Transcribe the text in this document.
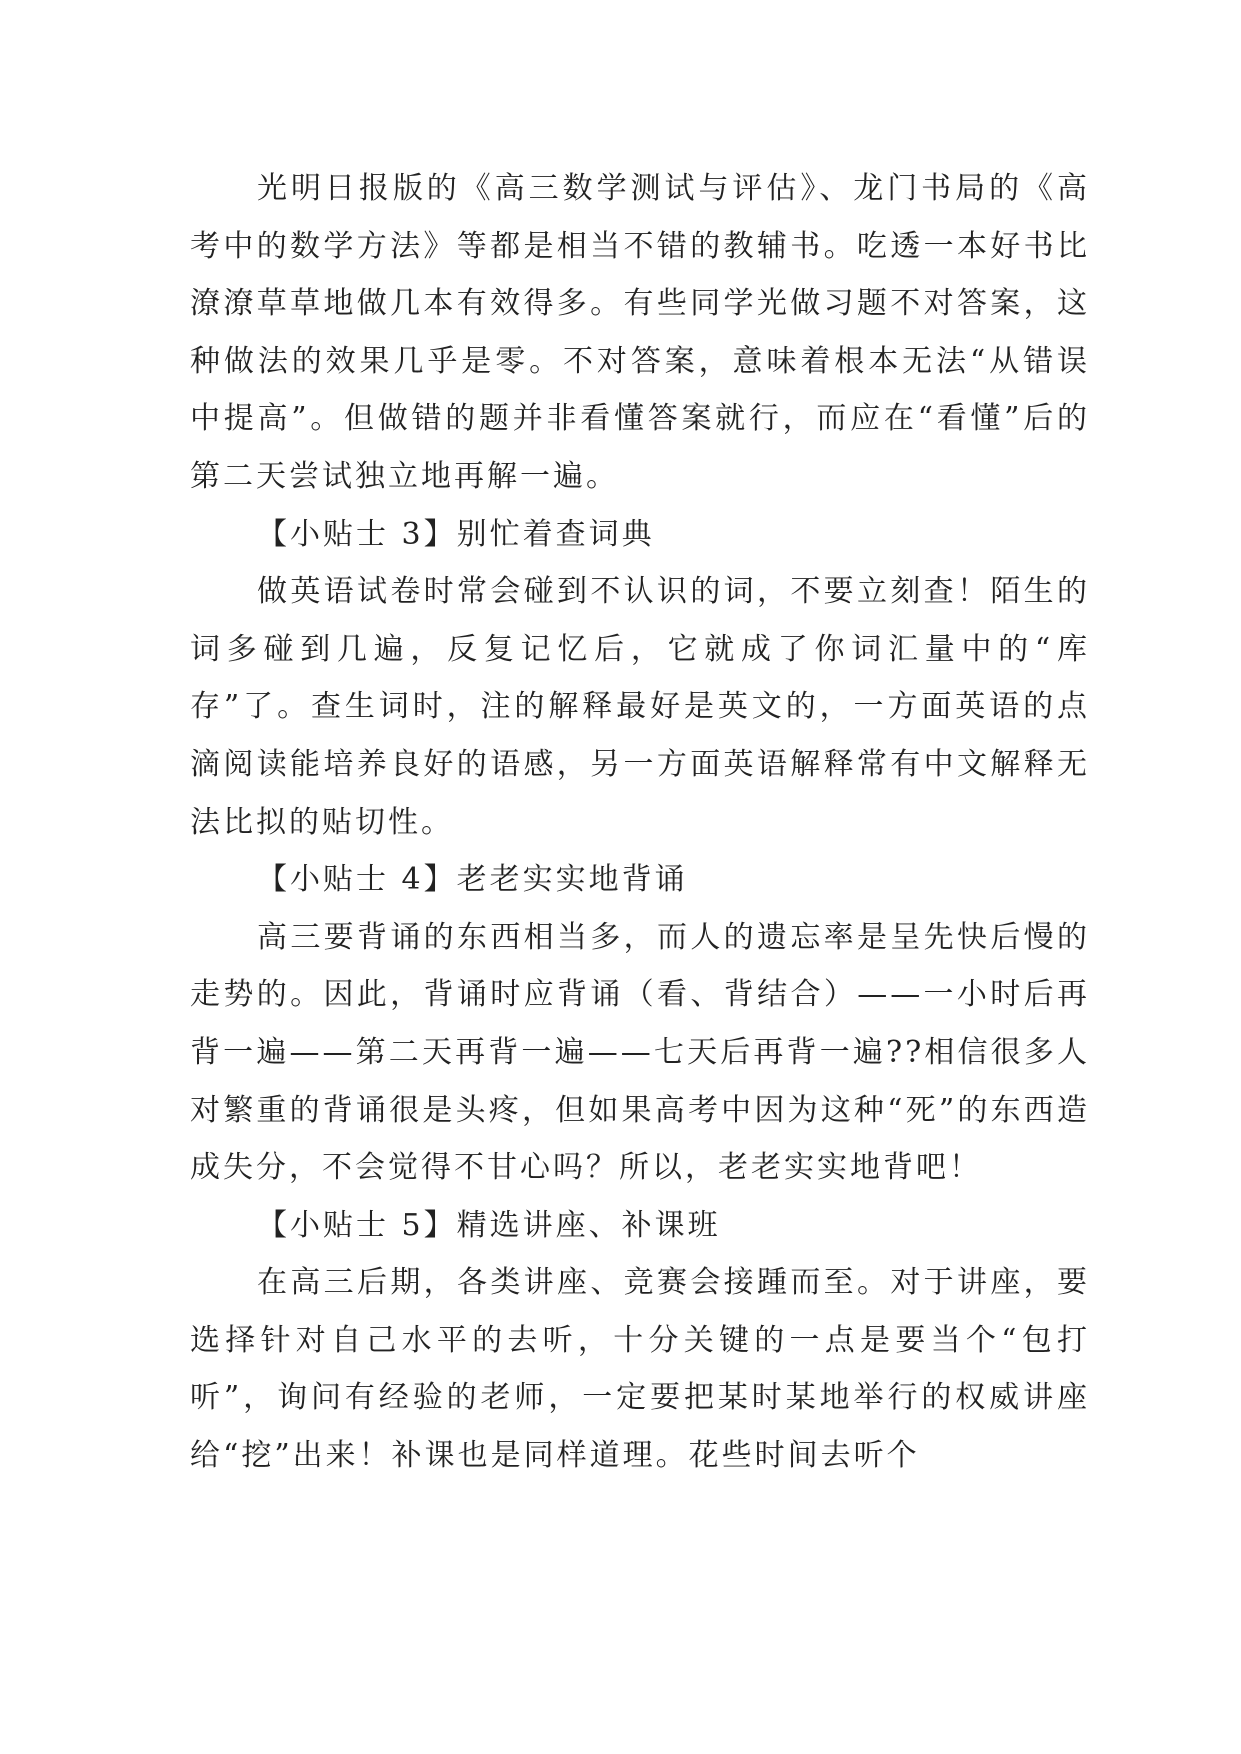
光明日报版的《高三数学测试与评估》、龙门书局的《高考中的数学方法》等都是相当不错的教辅书。吃透一本好书比潦潦草草地做几本有效得多。有些同学光做习题不对答案，这种做法的效果几乎是零。不对答案，意味着根本无法“从错误中提高”。但做错的题并非看懂答案就行，而应在“看懂”后的第二天尝试独立地再解一遍。

【小贴士 3】别忙着查词典

做英语试卷时常会碰到不认识的词，不要立刻查！陌生的词多碰到几遍，反复记忆后，它就成了你词汇量中的“库存”了。查生词时，注的解释最好是英文的，一方面英语的点滴阅读能培养良好的语感，另一方面英语解释常有中文解释无法比拟的贴切性。

【小贴士 4】老老实实地背诵

高三要背诵的东西相当多，而人的遗忘率是呈先快后慢的走势的。因此，背诵时应背诵（看、背结合）——一小时后再背一遍——第二天再背一遍——七天后再背一遍??相信很多人对繁重的背诵很是头疼，但如果高考中因为这种“死”的东西造成失分，不会觉得不甘心吗？所以，老老实实地背吧！

【小贴士 5】精选讲座、补课班

在高三后期，各类讲座、竞赛会接踵而至。对于讲座，要选择针对自己水平的去听，十分关键的一点是要当个“包打听”，询问有经验的老师，一定要把某时某地举行的权威讲座给“挖”出来！补课也是同样道理。花些时间去听个
